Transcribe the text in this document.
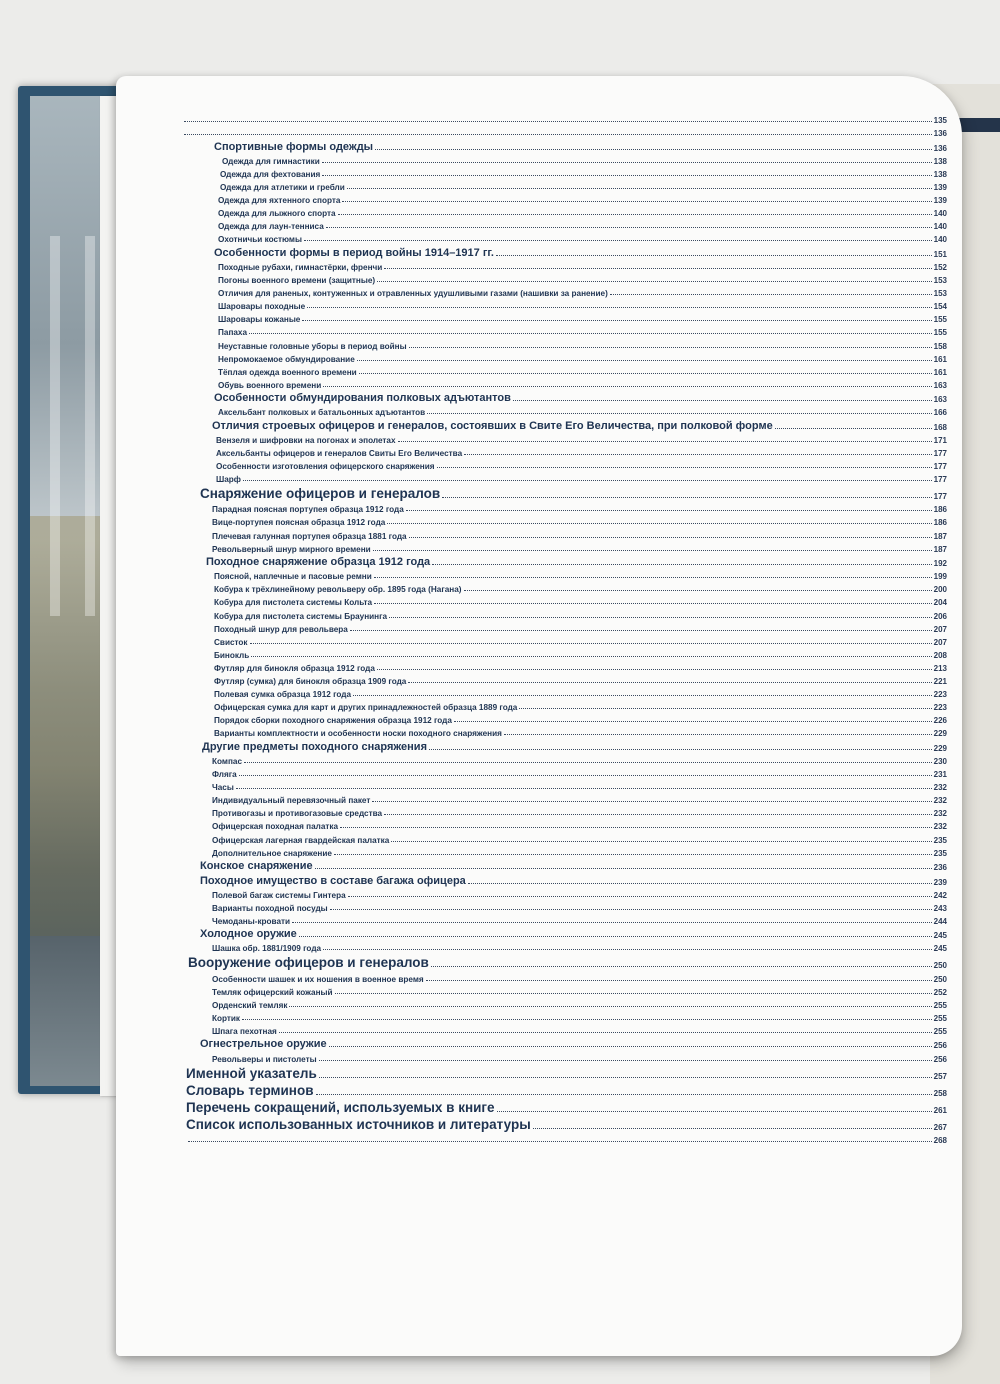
135
136
Спортивные формы одежды	136
Одежда для гимнастики	138
Одежда для фехтования	138
Одежда для атлетики и гребли	139
Одежда для яхтенного спорта	139
Одежда для лыжного спорта	140
Одежда для лаун-тенниса	140
Охотничьи костюмы	140
Особенности формы в период войны 1914–1917 гг.	151
Походные рубахи, гимнастёрки, френчи	152
Погоны военного времени (защитные)	153
Отличия для раненых, контуженных и отравленных удушливыми газами (нашивки за ранение)	153
Шаровары походные	154
Шаровары кожаные	155
Папаха	155
Неуставные головные уборы в период войны	158
Непромокаемое обмундирование	161
Тёплая одежда военного времени	161
Обувь военного времени	163
Особенности обмундирования полковых адъютантов	163
Аксельбант полковых и батальонных адъютантов	166
Отличия строевых офицеров и генералов, состоявших в Свите Его Величества, при полковой форме	168
Вензеля и шифровки на погонах и эполетах	171
Аксельбанты офицеров и генералов Свиты Его Величества	177
Особенности изготовления офицерского снаряжения	177
Шарф	177
Снаряжение офицеров и генералов	177
Парадная поясная портупея образца 1912 года	186
Вице-портупея поясная образца 1912 года	186
Плечевая галунная портупея образца 1881 года	187
Револьверный шнур мирного времени	187
Походное снаряжение образца 1912 года	192
Поясной, наплечные и пасовые ремни	199
Кобура к трёхлинейному револьверу обр. 1895 года (Нагана)	200
Кобура для пистолета системы Кольта	204
Кобура для пистолета системы Браунинга	206
Походный шнур для револьвера	207
Свисток	207
Бинокль	208
Футляр для бинокля образца 1912 года	213
Футляр (сумка) для бинокля образца 1909 года	221
Полевая сумка образца 1912 года	223
Офицерская сумка для карт и других принадлежностей образца 1889 года	223
Порядок сборки походного снаряжения образца 1912 года	226
Варианты комплектности и особенности носки походного снаряжения	229
Другие предметы походного снаряжения	229
Компас	230
Фляга	231
Часы	232
Индивидуальный перевязочный пакет	232
Противогазы и противогазовые средства	232
Офицерская походная палатка	232
Офицерская лагерная гвардейская палатка	235
Дополнительное снаряжение	235
Конское снаряжение	236
Походное имущество в составе багажа офицера	239
Полевой багаж системы Гинтера	242
Варианты походной посуды	243
Чемоданы-кровати	244
Холодное оружие	245
Шашка обр. 1881/1909 года	245
Вооружение офицеров и генералов	250
Особенности шашек и их ношения в военное время	250
Темляк офицерский кожаный	252
Орденский темляк	255
Кортик	255
Шпага пехотная	255
Огнестрельное оружие	256
Револьверы и пистолеты	256
Именной указатель	257
Словарь терминов	258
Перечень сокращений, используемых в книге	261
Список использованных источников и литературы	267
268
